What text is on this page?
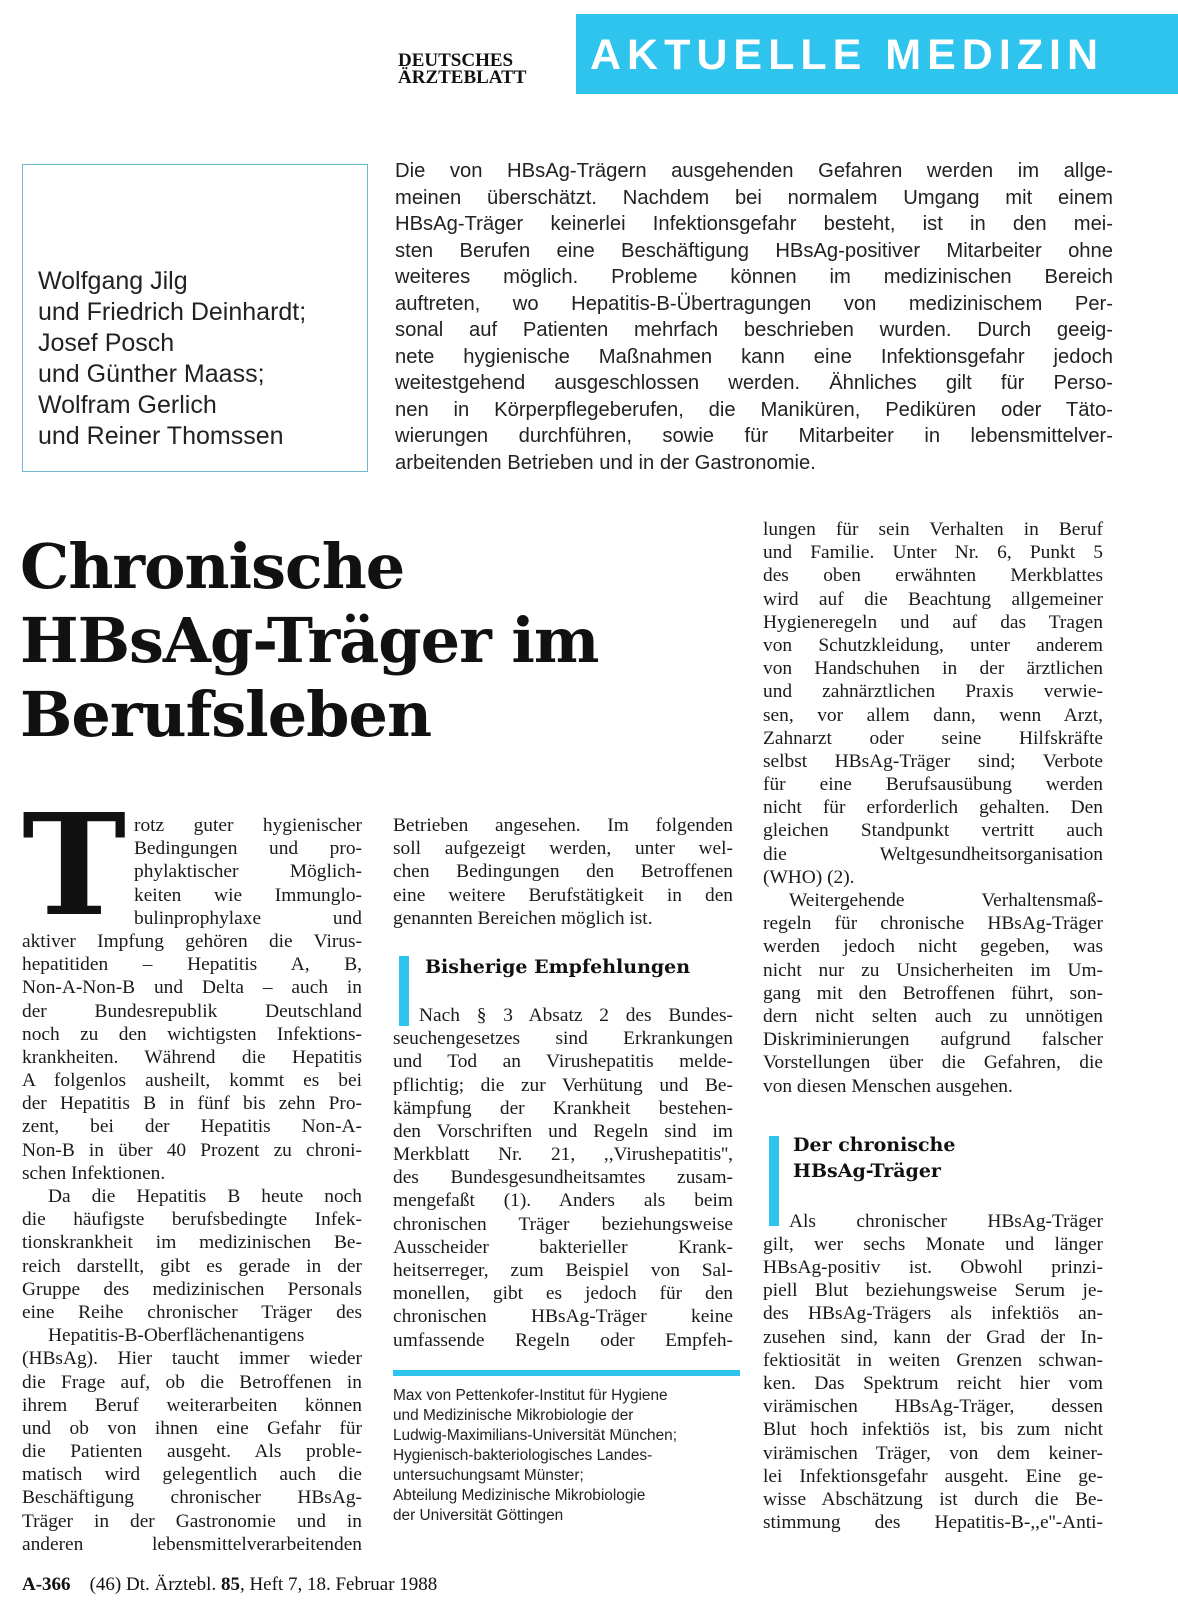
DEUTSCHES
ÄRZTEBLATT	AKTUELLE MEDIZIN
Wolfgang Jilg
und Friedrich Deinhardt;
Josef Posch
und Günther Maass;
Wolfram Gerlich
und Reiner Thomssen
Die von HBsAg-Trägern ausgehenden Gefahren werden im allge-
meinen überschätzt. Nachdem bei normalem Umgang mit einem
HBsAg-Träger keinerlei Infektionsgefahr besteht, ist in den mei-
sten Berufen eine Beschäftigung HBsAg-positiver Mitarbeiter ohne
weiteres möglich. Probleme können im medizinischen Bereich
auftreten, wo Hepatitis-B-Übertragungen von medizinischem Per-
sonal auf Patienten mehrfach beschrieben wurden. Durch geeig-
nete hygienische Maßnahmen kann eine Infektionsgefahr jedoch
weitestgehend ausgeschlossen werden. Ähnliches gilt für Perso-
nen in Körperpflegeberufen, die Maniküren, Pediküren oder Täto-
wierungen durchführen, sowie für Mitarbeiter in lebensmittelver-
arbeitenden Betrieben und in der Gastronomie.
Chronische
HBsAg-Träger im
Berufsleben
T rotz guter hygienischer
Bedingungen und pro-
phylaktischer Möglich-
keiten wie Immunglo-
bulinprophylaxe und
aktiver Impfung gehören die Virus-
hepatitiden – Hepatitis A, B,
Non-A-Non-B und Delta – auch in
der Bundesrepublik Deutschland
noch zu den wichtigsten Infektions-
krankheiten. Während die Hepatitis
A folgenlos ausheilt, kommt es bei
der Hepatitis B in fünf bis zehn Pro-
zent, bei der Hepatitis Non-A-
Non-B in über 40 Prozent zu chroni-
schen Infektionen.
Da die Hepatitis B heute noch
die häufigste berufsbedingte Infek-
tionskrankheit im medizinischen Be-
reich darstellt, gibt es gerade in der
Gruppe des medizinischen Personals
eine Reihe chronischer Träger des
Hepatitis-B-Oberflächenantigens
(HBsAg). Hier taucht immer wieder
die Frage auf, ob die Betroffenen in
ihrem Beruf weiterarbeiten können
und ob von ihnen eine Gefahr für
die Patienten ausgeht. Als proble-
matisch wird gelegentlich auch die
Beschäftigung chronischer HBsAg-
Träger in der Gastronomie und in
anderen lebensmittelverarbeitenden
Betrieben angesehen. Im folgenden
soll aufgezeigt werden, unter wel-
chen Bedingungen den Betroffenen
eine weitere Berufstätigkeit in den
genannten Bereichen möglich ist.
Bisherige Empfehlungen
Nach § 3 Absatz 2 des Bundes-
seuchengesetzes sind Erkrankungen
und Tod an Virushepatitis melde-
pflichtig; die zur Verhütung und Be-
kämpfung der Krankheit bestehen-
den Vorschriften und Regeln sind im
Merkblatt Nr. 21, ,,Virushepatitis'',
des Bundesgesundheitsamtes zusam-
mengefaßt (1). Anders als beim
chronischen Träger beziehungsweise
Ausscheider bakterieller Krank-
heitserreger, zum Beispiel von Sal-
monellen, gibt es jedoch für den
chronischen HBsAg-Träger keine
umfassende Regeln oder Empfeh-
Max von Pettenkofer-Institut für Hygiene
und Medizinische Mikrobiologie der
Ludwig-Maximilians-Universität München;
Hygienisch-bakteriologisches Landes-
untersuchungsamt Münster;
Abteilung Medizinische Mikrobiologie
der Universität Göttingen
lungen für sein Verhalten in Beruf
und Familie. Unter Nr. 6, Punkt 5
des oben erwähnten Merkblattes
wird auf die Beachtung allgemeiner
Hygieneregeln und auf das Tragen
von Schutzkleidung, unter anderem
von Handschuhen in der ärztlichen
und zahnärztlichen Praxis verwie-
sen, vor allem dann, wenn Arzt,
Zahnarzt oder seine Hilfskräfte
selbst HBsAg-Träger sind; Verbote
für eine Berufsausübung werden
nicht für erforderlich gehalten. Den
gleichen Standpunkt vertritt auch
die Weltgesundheitsorganisation
(WHO) (2).
Weitergehende Verhaltensmaß-
regeln für chronische HBsAg-Träger
werden jedoch nicht gegeben, was
nicht nur zu Unsicherheiten im Um-
gang mit den Betroffenen führt, son-
dern nicht selten auch zu unnötigen
Diskriminierungen aufgrund falscher
Vorstellungen über die Gefahren, die
von diesen Menschen ausgehen.
Der chronische
HBsAg-Träger
Als chronischer HBsAg-Träger
gilt, wer sechs Monate und länger
HBsAg-positiv ist. Obwohl prinzi-
piell Blut beziehungsweise Serum je-
des HBsAg-Trägers als infektiös an-
zusehen sind, kann der Grad der In-
fektiosität in weiten Grenzen schwan-
ken. Das Spektrum reicht hier vom
virämischen HBsAg-Träger, dessen
Blut hoch infektiös ist, bis zum nicht
virämischen Träger, von dem keiner-
lei Infektionsgefahr ausgeht. Eine ge-
wisse Abschätzung ist durch die Be-
stimmung des Hepatitis-B-,,e''-Anti-
A-366 (46) Dt. Ärztebl. 85, Heft 7, 18. Februar 1988
